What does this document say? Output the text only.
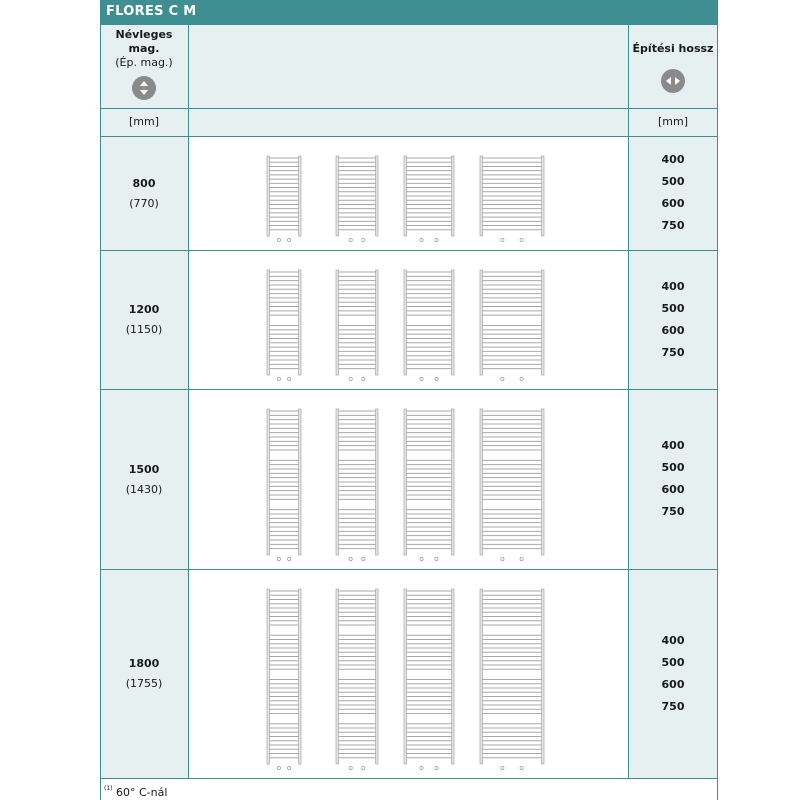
FLORES C M
Névleges
mag.
(Ép. mag.)
Építési hossz
[mm]	[mm]
800
(770)
400
500
600
750
1200
(1150)
400
500
600
750
1500
(1430)
400
500
600
750
1800
(1755)
400
500
600
750
$^{(1)}$ 60° C-nál
